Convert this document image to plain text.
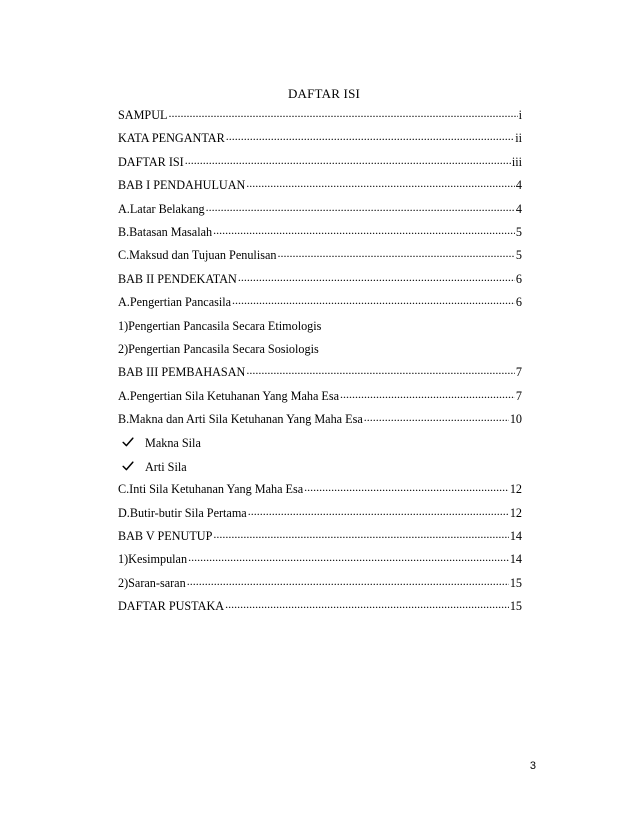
DAFTAR ISI
SAMPUL .....	i
KATA PENGANTAR .....	ii
DAFTAR ISI .....	iii
BAB I PENDAHULUAN .....	4
A.Latar Belakang .....	4
B.Batasan Masalah .....	5
C.Maksud dan Tujuan Penulisan .....	5
BAB II PENDEKATAN .....	6
A.Pengertian Pancasila .....	6
1)Pengertian Pancasila Secara Etimologis
2)Pengertian Pancasila Secara Sosiologis
BAB III PEMBAHASAN .....	7
A.Pengertian Sila Ketuhanan Yang Maha Esa .....	7
B.Makna dan Arti Sila Ketuhanan Yang Maha Esa .....	10
Makna Sila
Arti Sila
C.Inti Sila Ketuhanan Yang Maha Esa .....	12
D.Butir-butir Sila Pertama .....	12
BAB V PENUTUP .....	14
1)Kesimpulan .....	14
2)Saran-saran .....	15
DAFTAR PUSTAKA .....	15
3
